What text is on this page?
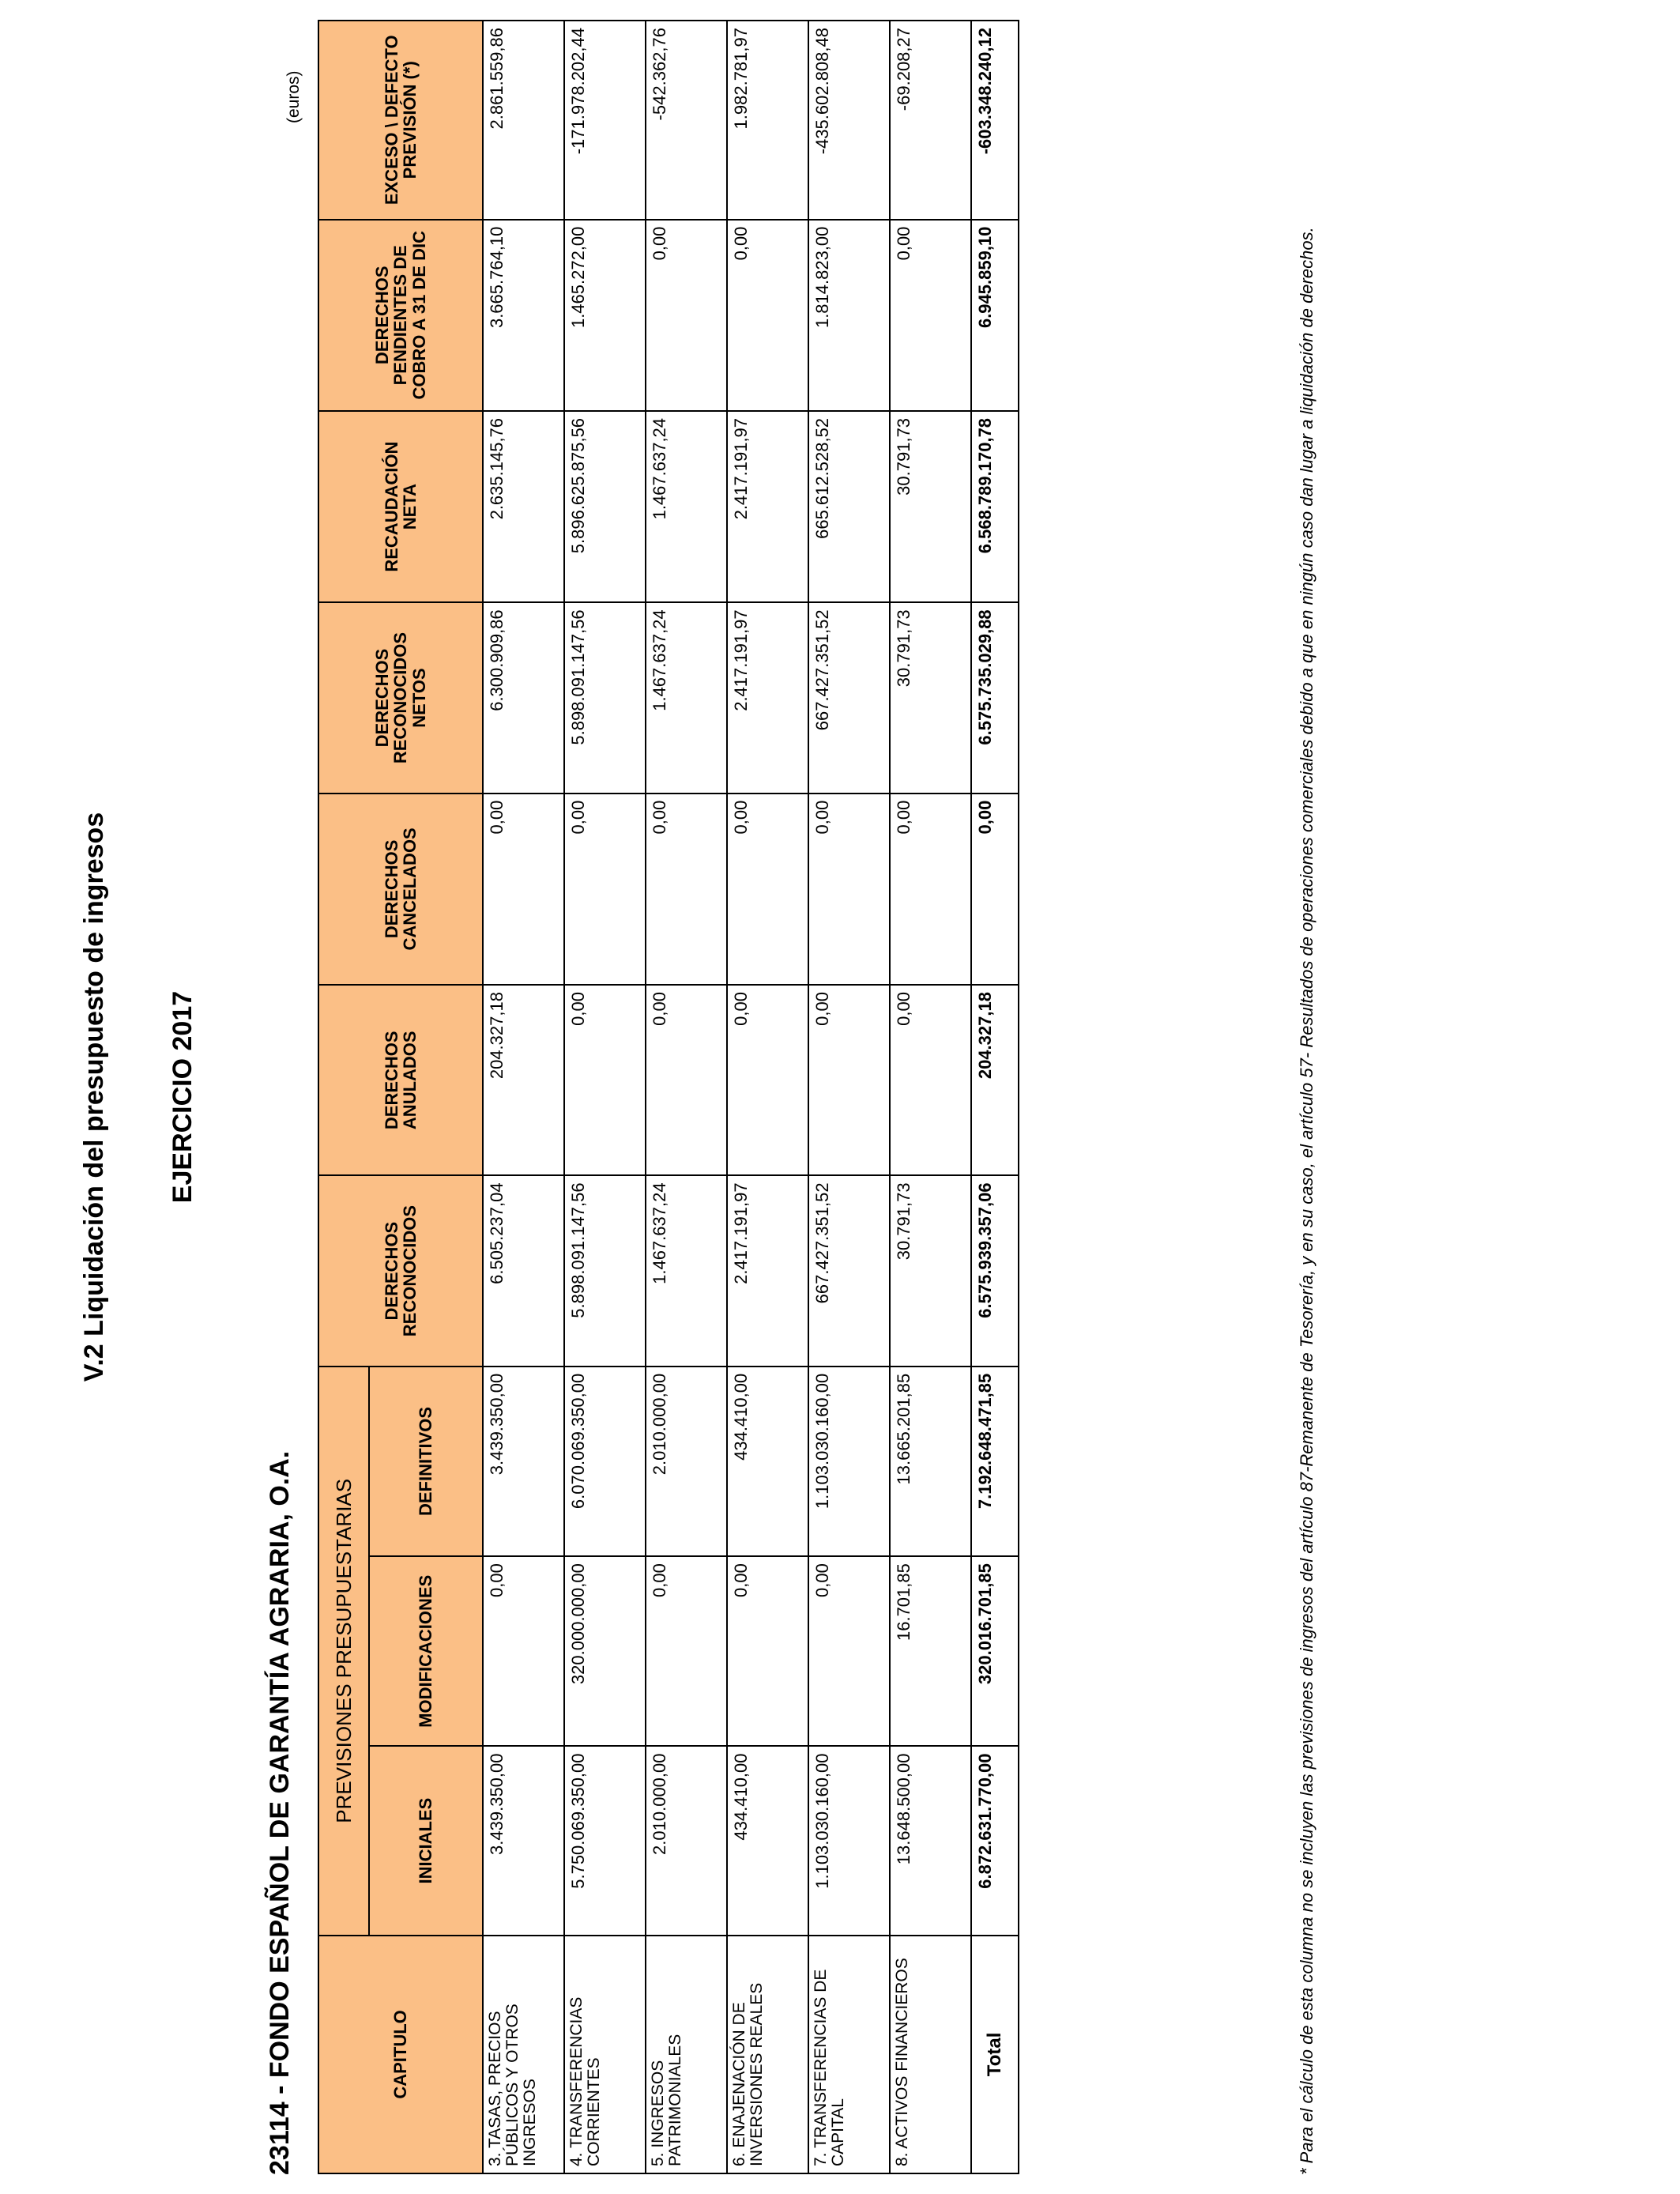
V.2 Liquidación del presupuesto de ingresos EJERCICIO 2017
23114 - FONDO ESPAÑOL DE GARANTÍA AGRARIA, O.A.
(euros)
CAPITULO	PREVISIONES PRESUPUESTARIAS			DERECHOS RECONOCIDOS	DERECHOS ANULADOS	DERECHOS CANCELADOS	DERECHOS RECONOCIDOS NETOS	RECAUDACIÓN NETA	DERECHOS PENDIENTES DE COBRO A 31 DE DIC	EXCESO \ DEFECTO PREVISIÓN (*)
	INICIALES	MODIFICACIONES	DEFINITIVOS							
3. TASAS, PRECIOS PÚBLICOS Y OTROS INGRESOS	3.439.350,00	0,00	3.439.350,00	6.505.237,04	204.327,18	0,00	6.300.909,86	2.635.145,76	3.665.764,10	2.861.559,86
4. TRANSFERENCIAS CORRIENTES	5.750.069.350,00	320.000.000,00	6.070.069.350,00	5.898.091.147,56	0,00	0,00	5.898.091.147,56	5.896.625.875,56	1.465.272,00	-171.978.202,44
5. INGRESOS PATRIMONIALES	2.010.000,00	0,00	2.010.000,00	1.467.637,24	0,00	0,00	1.467.637,24	1.467.637,24	0,00	-542.362,76
6. ENAJENACIÓN DE INVERSIONES REALES	434.410,00	0,00	434.410,00	2.417.191,97	0,00	0,00	2.417.191,97	2.417.191,97	0,00	1.982.781,97
7. TRANSFERENCIAS DE CAPITAL	1.103.030.160,00	0,00	1.103.030.160,00	667.427.351,52	0,00	0,00	667.427.351,52	665.612.528,52	1.814.823,00	-435.602.808,48
8. ACTIVOS FINANCIEROS	13.648.500,00	16.701,85	13.665.201,85	30.791,73	0,00	0,00	30.791,73	30.791,73	0,00	-69.208,27
Total	6.872.631.770,00	320.016.701,85	7.192.648.471,85	6.575.939.357,06	204.327,18	0,00	6.575.735.029,88	6.568.789.170,78	6.945.859,10	-603.348.240,12
* Para el cálculo de esta columna no se incluyen las previsiones de ingresos del artículo 87-Remanente de Tesorería, y en su caso, el artículo 57- Resultados de operaciones comerciales debido a que en ningún caso dan lugar a liquidación de derechos.
